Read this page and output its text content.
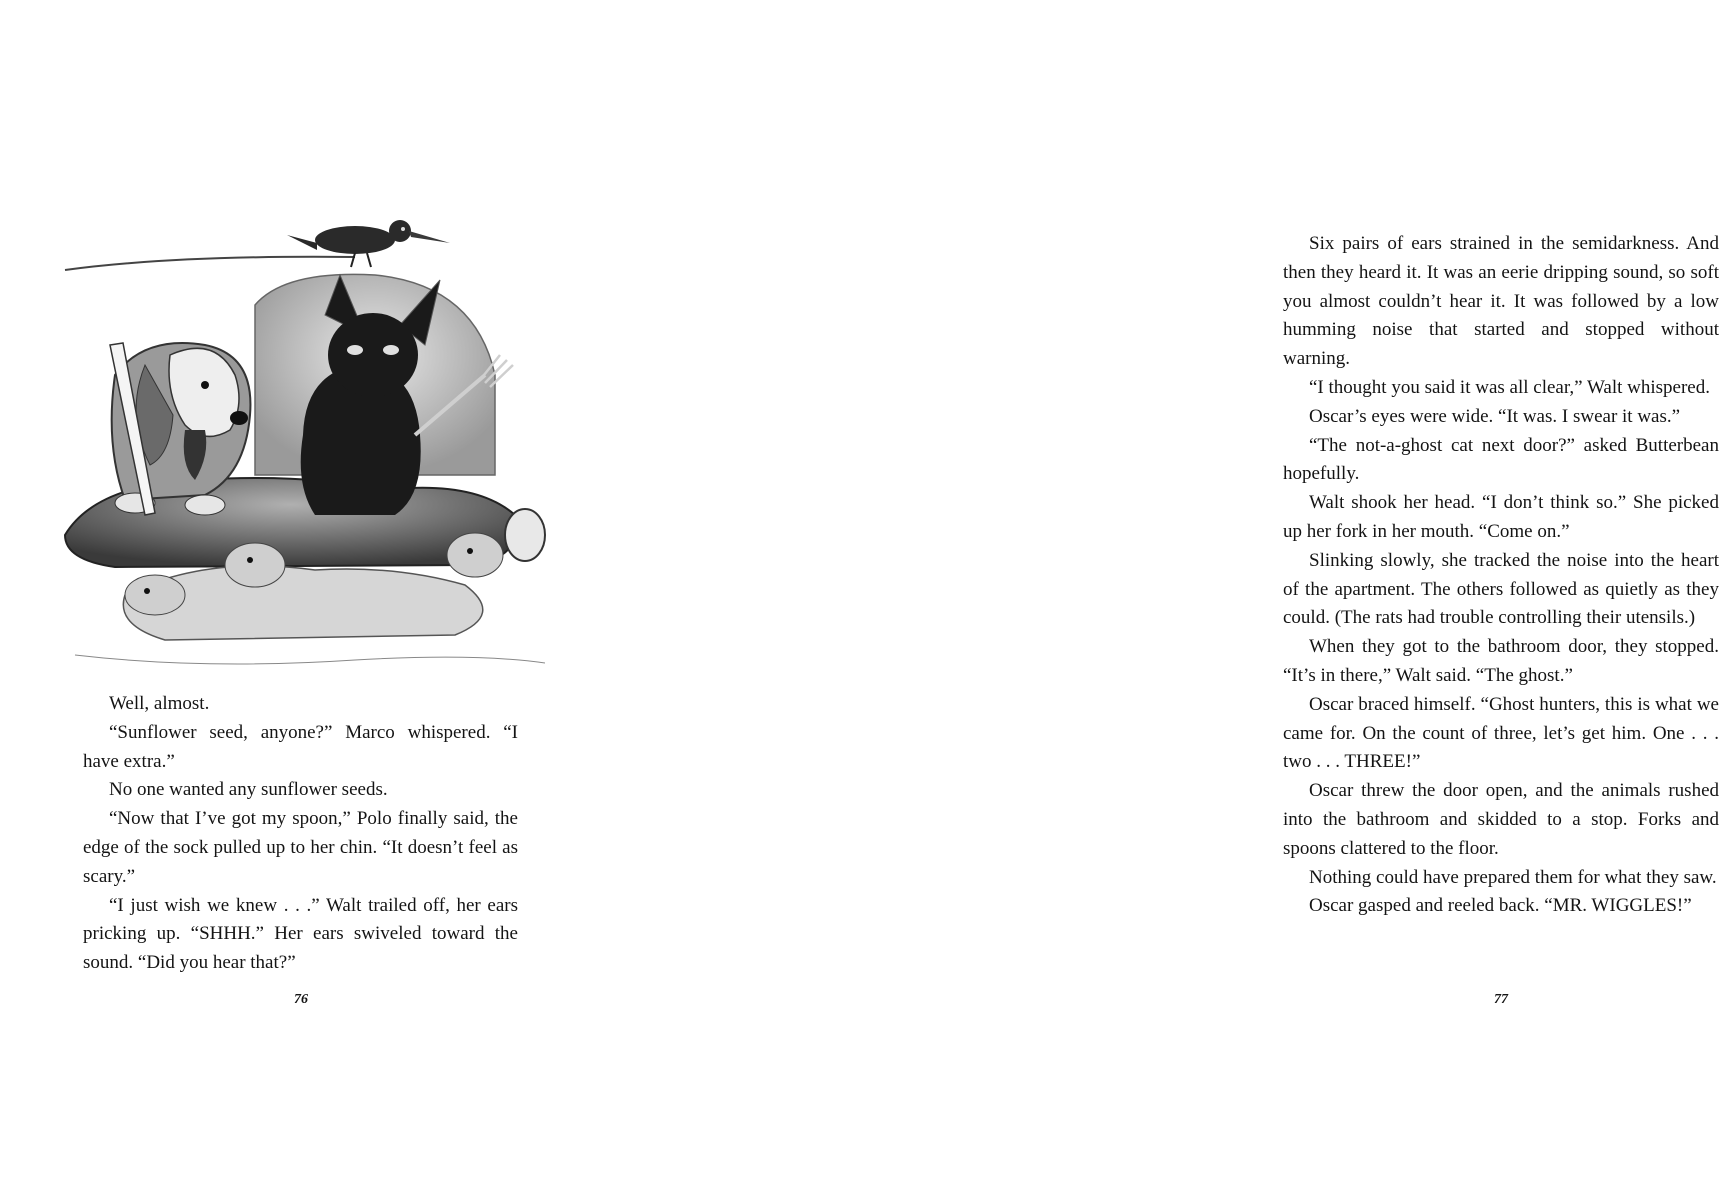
Well, almost.

“Sunflower seed, anyone?” Marco whispered. “I have extra.”

No one wanted any sunflower seeds.

“Now that I’ve got my spoon,” Polo finally said, the edge of the sock pulled up to her chin. “It doesn’t feel as scary.”

“I just wish we knew . . .” Walt trailed off, her ears pricking up. “SHHH.” Her ears swiveled toward the sound. “Did you hear that?”

76

Six pairs of ears strained in the semidarkness. And then they heard it. It was an eerie dripping sound, so soft you almost couldn’t hear it. It was followed by a low humming noise that started and stopped without warning.

“I thought you said it was all clear,” Walt whispered.

Oscar’s eyes were wide. “It was. I swear it was.”

“The not-a-ghost cat next door?” asked Butterbean hopefully.

Walt shook her head. “I don’t think so.” She picked up her fork in her mouth. “Come on.”

Slinking slowly, she tracked the noise into the heart of the apartment. The others followed as quietly as they could. (The rats had trouble controlling their utensils.)

When they got to the bathroom door, they stopped. “It’s in there,” Walt said. “The ghost.”

Oscar braced himself. “Ghost hunters, this is what we came for. On the count of three, let’s get him. One . . . two . . . THREE!”

Oscar threw the door open, and the animals rushed into the bathroom and skidded to a stop. Forks and spoons clattered to the floor.

Nothing could have prepared them for what they saw.

Oscar gasped and reeled back. “MR. WIGGLES!”

77
